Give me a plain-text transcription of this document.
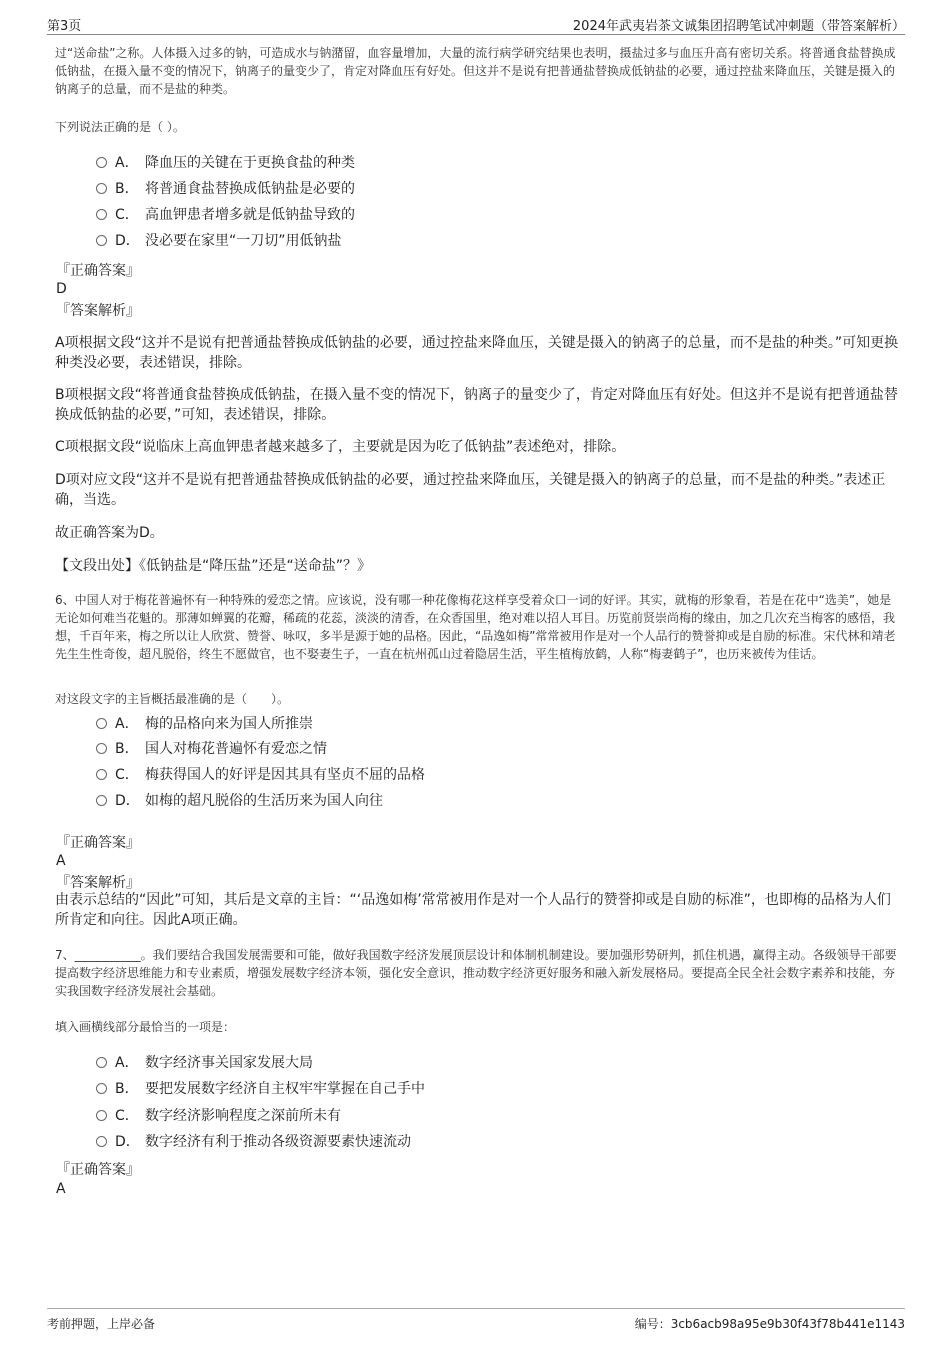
第3页	2024年武夷岩茶文诚集团招聘笔试冲刺题（带答案解析）
过“送命盐”之称。人体摄入过多的钠，可造成水与钠潴留，血容量增加，大量的流行病学研究结果也表明，摄盐过多与血压升高有密切关系。将普通食盐替换成低钠盐，在摄入量不变的情况下，钠离子的量变少了，肯定对降血压有好处。但这并不是说有把普通盐替换成低钠盐的必要，通过控盐来降血压，关键是摄入的钠离子的总量，而不是盐的种类。
下列说法正确的是（ ）。
A． 降血压的关键在于更换食盐的种类
B． 将普通食盐替换成低钠盐是必要的
C． 高血钾患者增多就是低钠盐导致的
D． 没必要在家里“一刀切”用低钠盐
『正确答案』
D
『答案解析』
A项根据文段“这并不是说有把普通盐替换成低钠盐的必要，通过控盐来降血压，关键是摄入的钠离子的总量，而不是盐的种类。”可知更换种类没必要，表述错误，排除。
B项根据文段“将普通食盐替换成低钠盐，在摄入量不变的情况下，钠离子的量变少了，肯定对降血压有好处。但这并不是说有把普通盐替换成低钠盐的必要，”可知，表述错误，排除。
C项根据文段“说临床上高血钾患者越来越多了，主要就是因为吃了低钠盐”表述绝对，排除。
D项对应文段“这并不是说有把普通盐替换成低钠盐的必要，通过控盐来降血压，关键是摄入的钠离子的总量，而不是盐的种类。”表述正确，当选。
故正确答案为D。
【文段出处】《低钠盐是“降压盐”还是“送命盐”？》
6、中国人对于梅花普遍怀有一种特殊的爱恋之情。应该说，没有哪一种花像梅花这样享受着众口一词的好评。其实，就梅的形象看，若是在花中“选美”，她是无论如何难当花魁的。那薄如蝉翼的花瓣，稀疏的花蕊，淡淡的清香，在众香国里，绝对难以招人耳目。历览前贤崇尚梅的缘由，加之几次充当梅客的感悟，我想，千百年来，梅之所以让人欣赏、赞誉、咏叹，多半是源于她的品格。因此，“品逸如梅”常常被用作是对一个人品行的赞誉抑或是自励的标准。宋代林和靖老先生生性奇俊，超凡脱俗，终生不愿做官，也不娶妻生子，一直在杭州孤山过着隐居生活，平生植梅放鹤，人称“梅妻鹤子”，也历来被传为佳话。
对这段文字的主旨概括最准确的是（　　）。
A． 梅的品格向来为国人所推崇
B． 国人对梅花普遍怀有爱恋之情
C． 梅获得国人的好评是因其具有坚贞不屈的品格
D． 如梅的超凡脱俗的生活历来为国人向往
『正确答案』
A
『答案解析』
由表示总结的“因此”可知，其后是文章的主旨：“‘品逸如梅’常常被用作是对一个人品行的赞誉抑或是自励的标准”，也即梅的品格为人们所肯定和向往。因此A项正确。
7、___________。我们要结合我国发展需要和可能，做好我国数字经济发展顶层设计和体制机制建设。要加强形势研判，抓住机遇，赢得主动。各级领导干部要提高数字经济思维能力和专业素质，增强发展数字经济本领，强化安全意识，推动数字经济更好服务和融入新发展格局。要提高全民全社会数字素养和技能，夯实我国数字经济发展社会基础。
填入画横线部分最恰当的一项是：
A． 数字经济事关国家发展大局
B． 要把发展数字经济自主权牢牢掌握在自己手中
C． 数字经济影响程度之深前所未有
D． 数字经济有利于推动各级资源要素快速流动
『正确答案』
A
考前押题，上岸必备	编号：3cb6acb98a95e9b30f43f78b441e1143
